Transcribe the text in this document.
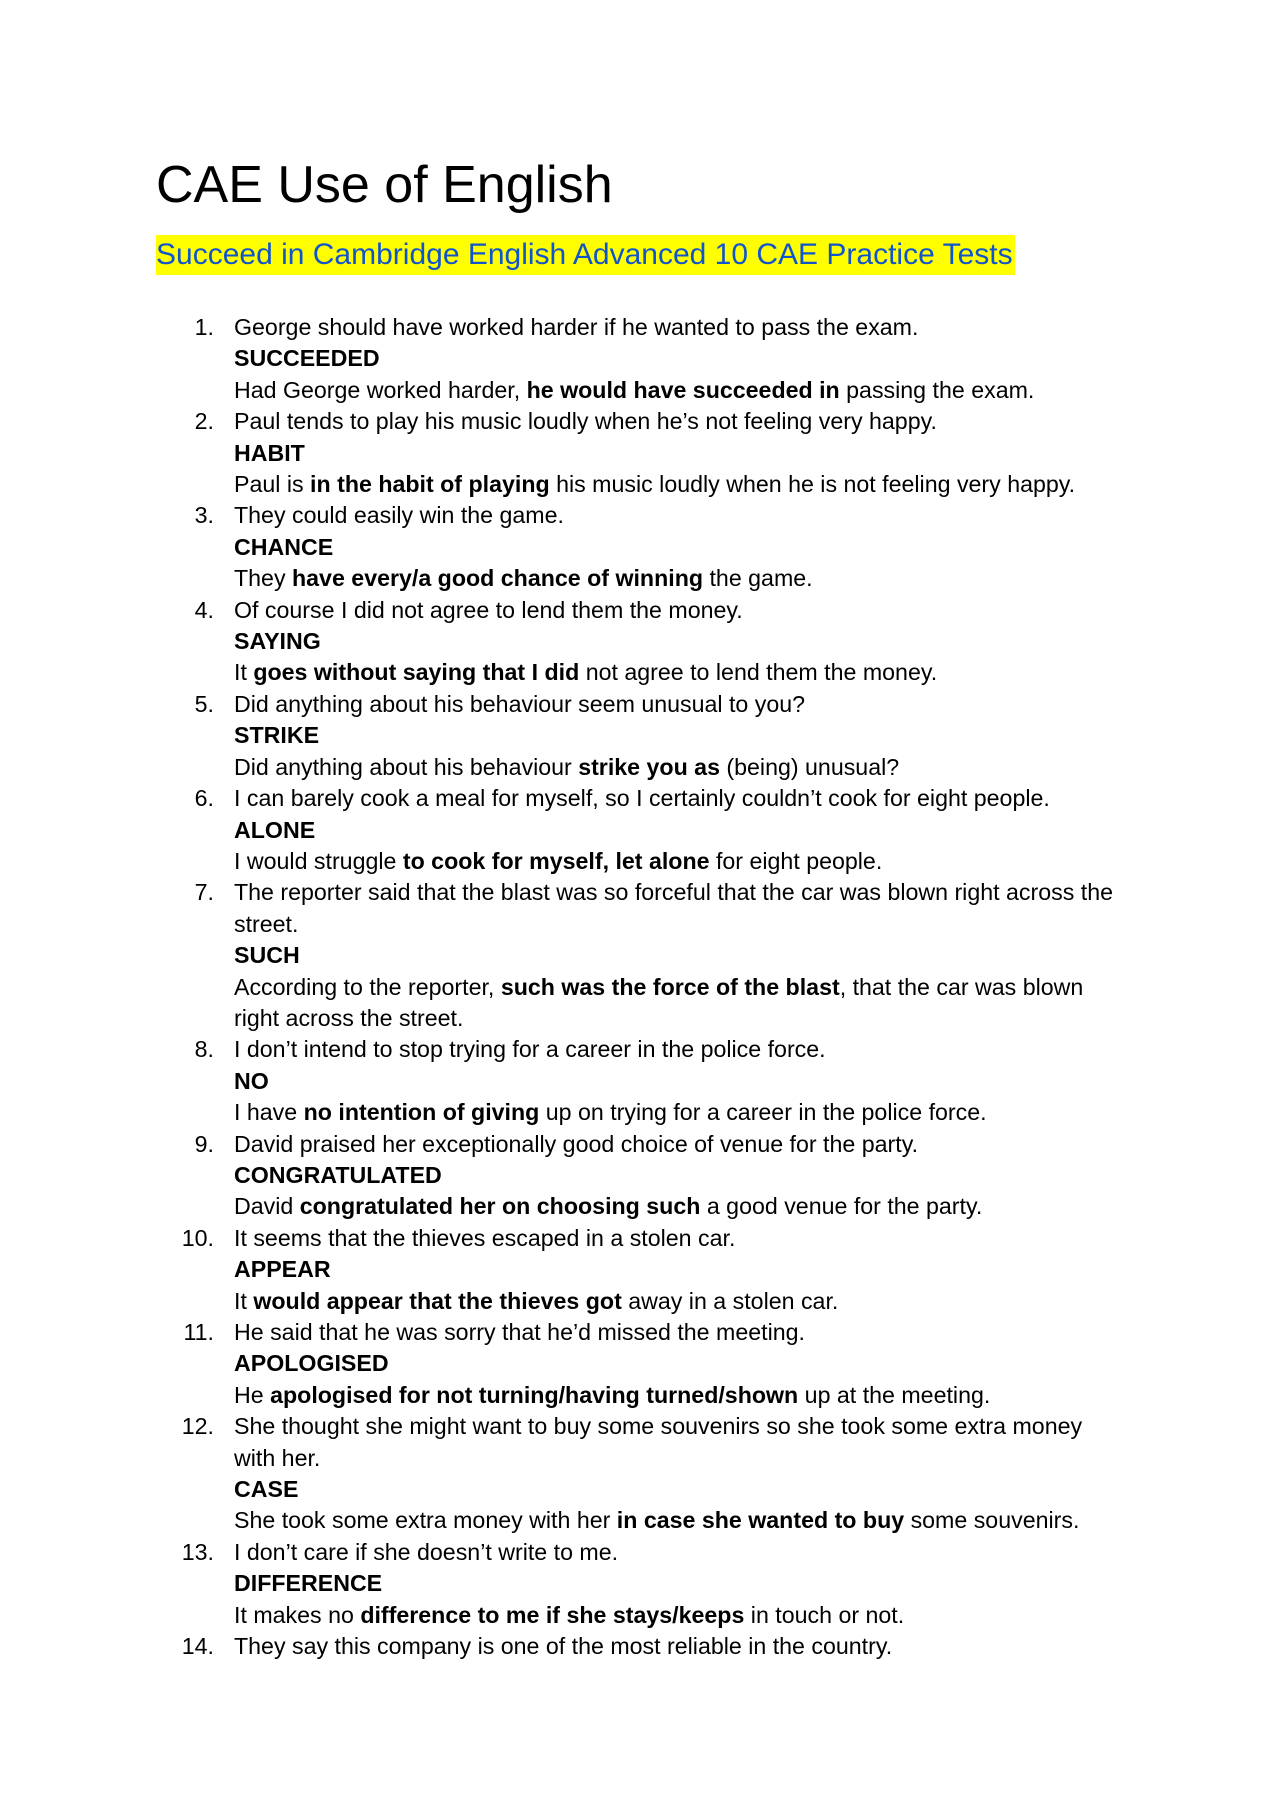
CAE Use of English
Succeed in Cambridge English Advanced 10 CAE Practice Tests
1. George should have worked harder if he wanted to pass the exam.
SUCCEEDED
Had George worked harder, he would have succeeded in passing the exam.
2. Paul tends to play his music loudly when he’s not feeling very happy.
HABIT
Paul is in the habit of playing his music loudly when he is not feeling very happy.
3. They could easily win the game.
CHANCE
They have every/a good chance of winning the game.
4. Of course I did not agree to lend them the money.
SAYING
It goes without saying that I did not agree to lend them the money.
5. Did anything about his behaviour seem unusual to you?
STRIKE
Did anything about his behaviour strike you as (being) unusual?
6. I can barely cook a meal for myself, so I certainly couldn’t cook for eight people.
ALONE
I would struggle to cook for myself, let alone for eight people.
7. The reporter said that the blast was so forceful that the car was blown right across the street.
SUCH
According to the reporter, such was the force of the blast, that the car was blown right across the street.
8. I don’t intend to stop trying for a career in the police force.
NO
I have no intention of giving up on trying for a career in the police force.
9. David praised her exceptionally good choice of venue for the party.
CONGRATULATED
David congratulated her on choosing such a good venue for the party.
10. It seems that the thieves escaped in a stolen car.
APPEAR
It would appear that the thieves got away in a stolen car.
11. He said that he was sorry that he’d missed the meeting.
APOLOGISED
He apologised for not turning/having turned/shown up at the meeting.
12. She thought she might want to buy some souvenirs so she took some extra money with her.
CASE
She took some extra money with her in case she wanted to buy some souvenirs.
13. I don’t care if she doesn’t write to me.
DIFFERENCE
It makes no difference to me if she stays/keeps in touch or not.
14. They say this company is one of the most reliable in the country.
